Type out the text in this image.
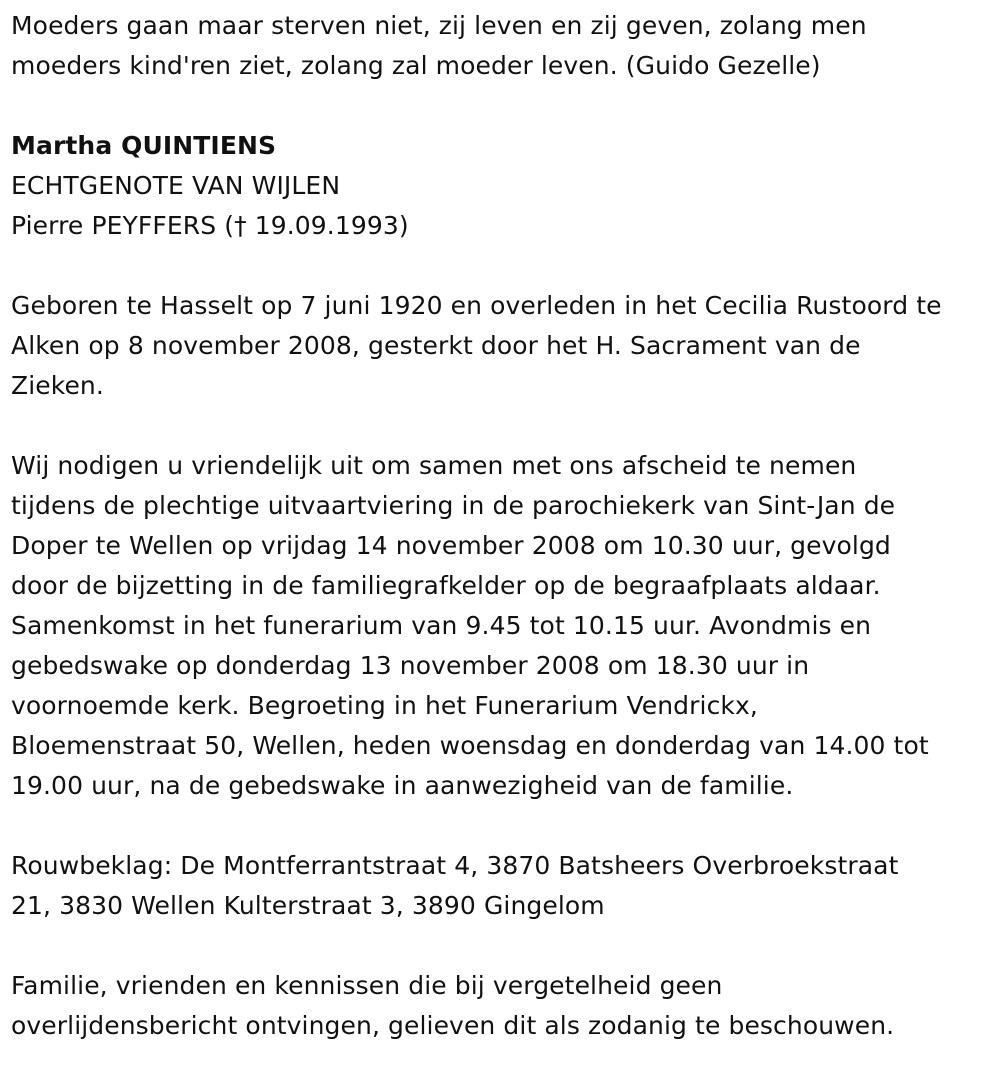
Moeders gaan maar sterven niet, zij leven en zij geven, zolang men
moeders kind'ren ziet, zolang zal moeder leven. (Guido Gezelle)
Martha QUINTIENS
ECHTGENOTE VAN WIJLEN
Pierre PEYFFERS († 19.09.1993)
Geboren te Hasselt op 7 juni 1920 en overleden in het Cecilia Rustoord te
Alken op 8 november 2008, gesterkt door het H. Sacrament van de
Zieken.
Wij nodigen u vriendelijk uit om samen met ons afscheid te nemen
tijdens de plechtige uitvaartviering in de parochiekerk van Sint-Jan de
Doper te Wellen op vrijdag 14 november 2008 om 10.30 uur, gevolgd
door de bijzetting in de familiegrafkelder op de begraafplaats aldaar.
Samenkomst in het funerarium van 9.45 tot 10.15 uur. Avondmis en
gebedswake op donderdag 13 november 2008 om 18.30 uur in
voornoemde kerk. Begroeting in het Funerarium Vendrickx,
Bloemenstraat 50, Wellen, heden woensdag en donderdag van 14.00 tot
19.00 uur, na de gebedswake in aanwezigheid van de familie.
Rouwbeklag: De Montferrantstraat 4, 3870 Batsheers Overbroekstraat
21, 3830 Wellen Kulterstraat 3, 3890 Gingelom
Familie, vrienden en kennissen die bij vergetelheid geen
overlijdensbericht ontvingen, gelieven dit als zodanig te beschouwen.
